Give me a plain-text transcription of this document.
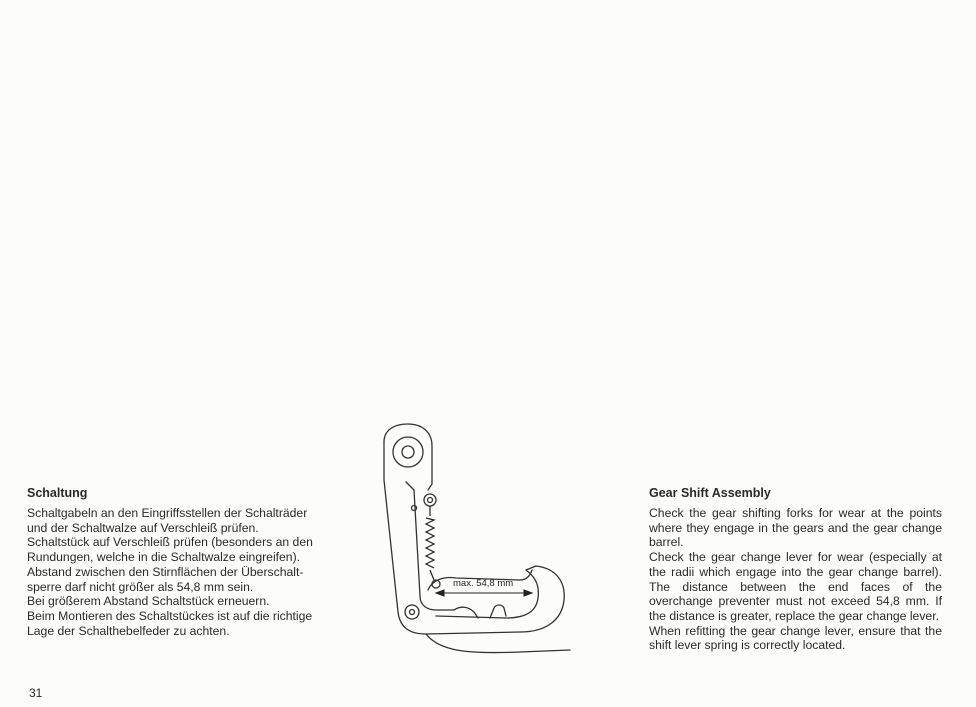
Schaltung

Schaltgabeln an den Eingriffsstellen der Schalträder und der Schaltwalze auf Verschleiß prüfen.

Schaltstück auf Verschleiß prüfen (besonders an den Rundungen, welche in die Schaltwalze eingreifen). Abstand zwischen den Stirnflächen der Überschalt-sperre darf nicht größer als 54,8 mm sein.

Bei größerem Abstand Schaltstück erneuern.

Beim Montieren des Schaltstückes ist auf die richtige Lage der Schalthebelfeder zu achten.

max. 54,8 mm

Gear Shift Assembly

Check the gear shifting forks for wear at the points where they engage in the gears and the gear change barrel.

Check the gear change lever for wear (especially at the radii which engage into the gear change barrel). The distance between the end faces of the overchange preventer must not exceed 54,8 mm. If the distance is greater, replace the gear change lever.

When refitting the gear change lever, ensure that the shift lever spring is correctly located.

31
